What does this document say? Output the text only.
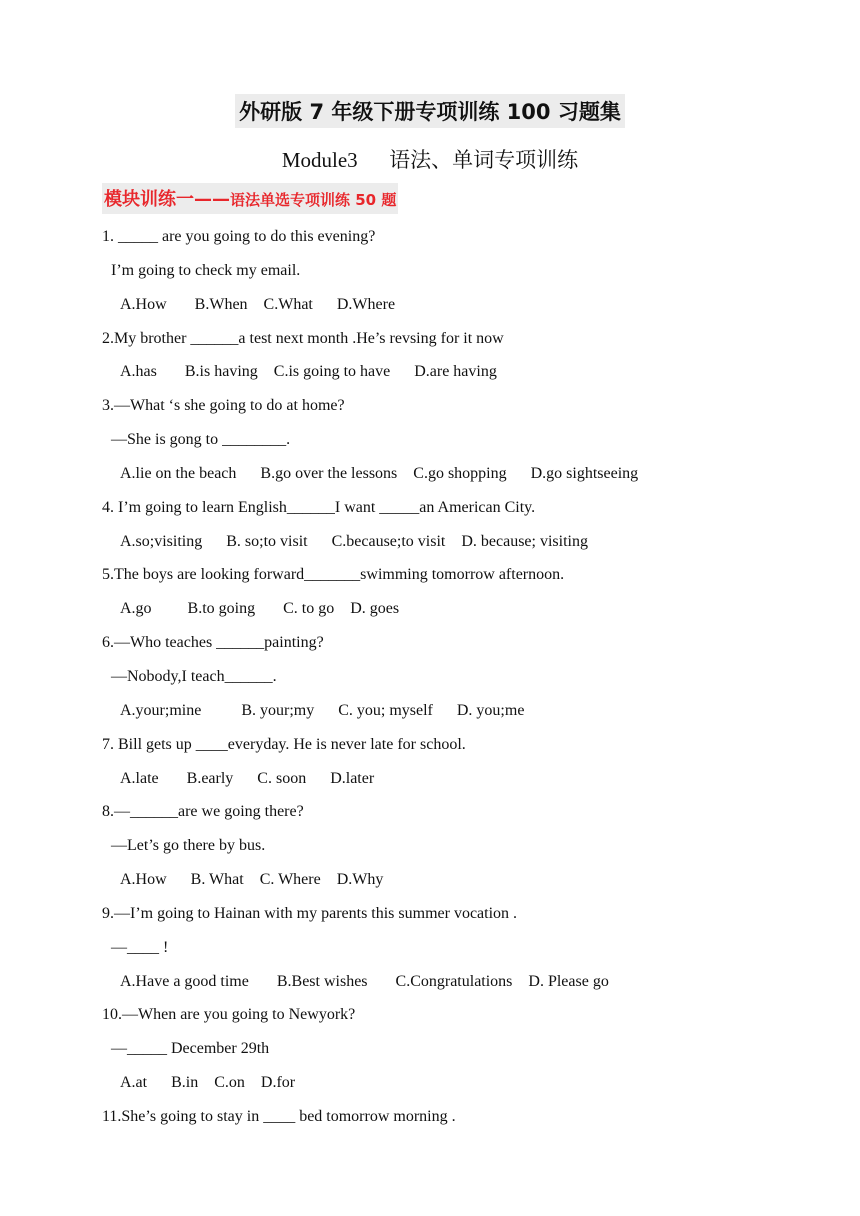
外研版 7 年级下册专项训练 100 习题集
Module3      语法、单词专项训练
模块训练一——语法单选专项训练 50 题
1. _____ are you going to do this evening?
I’m going to check my email.
A.How       B.When    C.What      D.Where
2.My brother ______a test next month .He’s revsing for it now
A.has       B.is having    C.is going to have      D.are having
3.—What ‘s she going to do at home?
—She is gong to ________.
A.lie on the beach      B.go over the lessons    C.go shopping      D.go sightseeing
4. I’m going to learn English______I want _____an American City.
A.so;visiting      B. so;to visit      C.because;to visit    D. because; visiting
5.The boys are looking forward_______swimming tomorrow afternoon.
A.go         B.to going       C. to go    D. goes
6.—Who teaches ______painting?
—Nobody,I teach______.
A.your;mine          B. your;my      C. you; myself      D. you;me
7. Bill gets up ____everyday. He is never late for school.
A.late       B.early      C. soon      D.later
8.—______are we going there?
—Let’s go there by bus.
A.How      B. What    C. Where    D.Why
9.—I’m going to Hainan with my parents this summer vocation .
—____ !
A.Have a good time       B.Best wishes       C.Congratulations    D. Please go
10.—When are you going to Newyork?
—_____ December 29th
A.at      B.in    C.on    D.for
11.She’s going to stay in ____ bed tomorrow morning .
